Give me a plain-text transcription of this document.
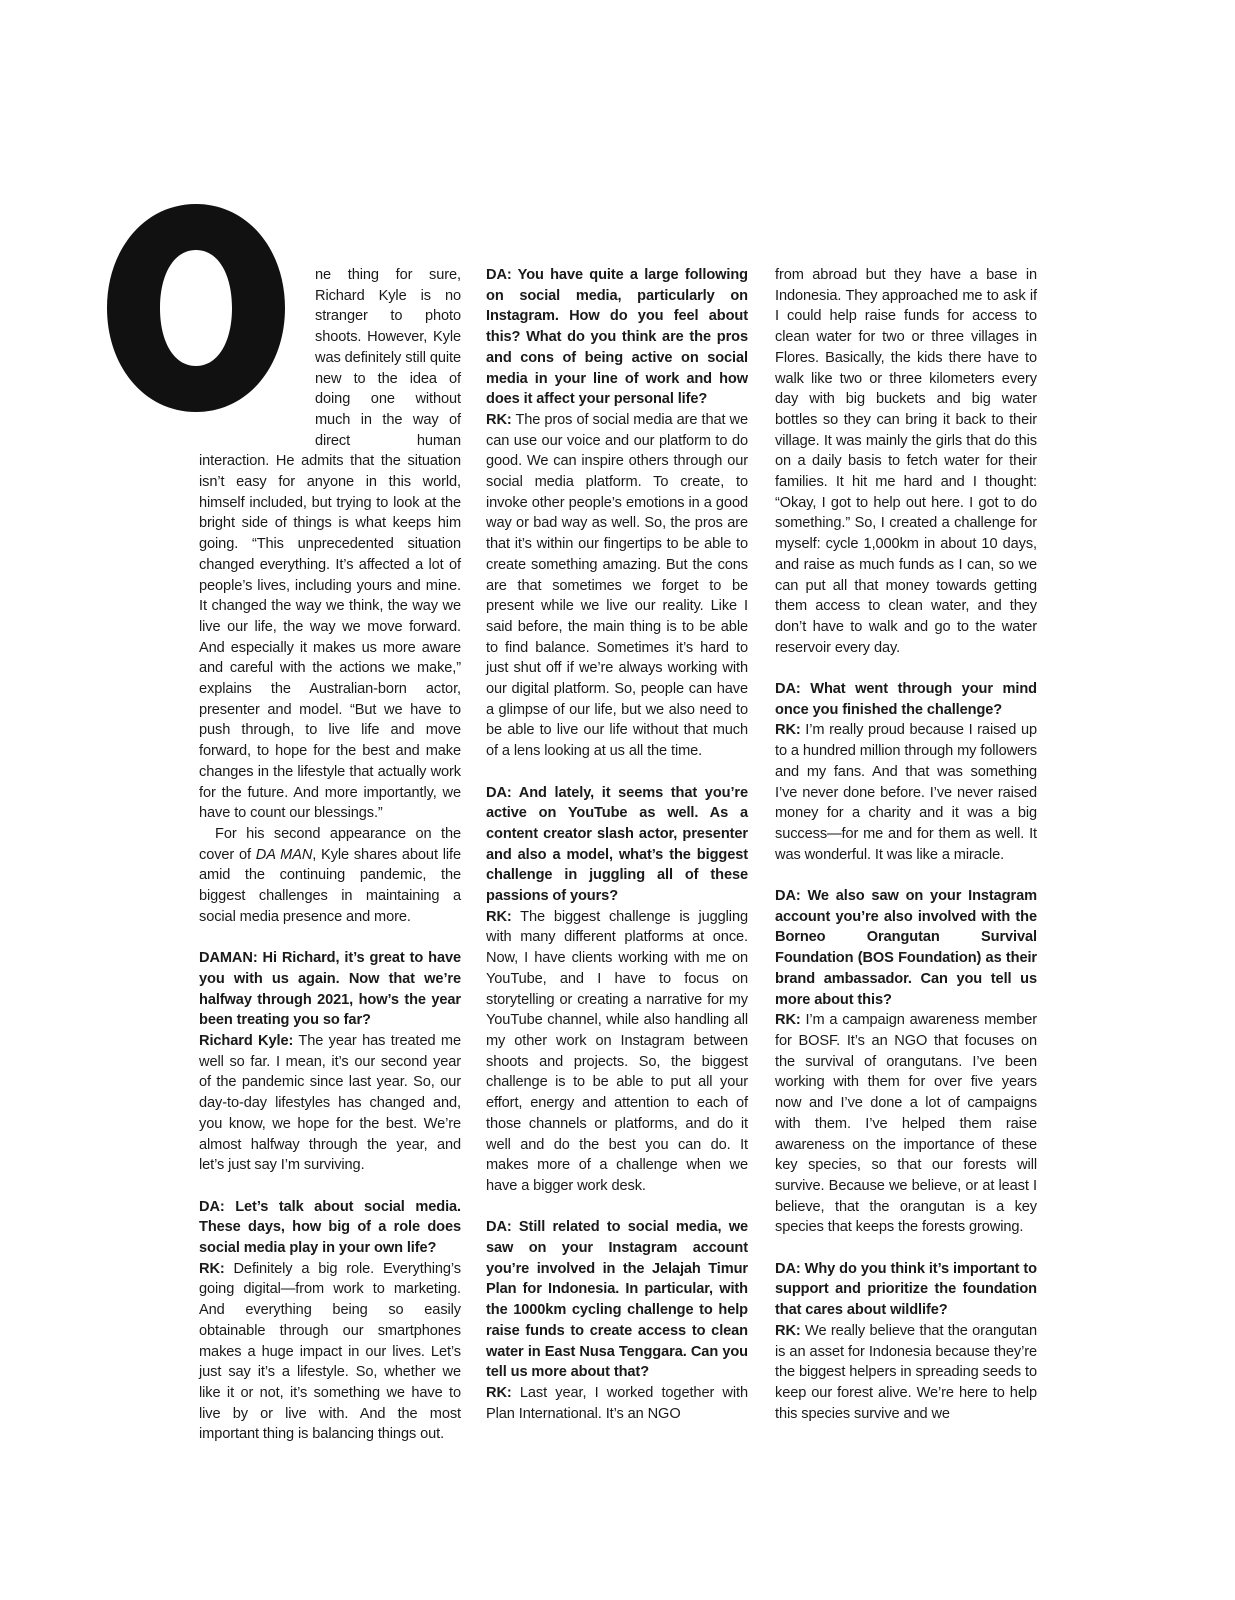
ne thing for sure, Richard Kyle is no stranger to photo shoots. However, Kyle was definitely still quite new to the idea of doing one without much in the way of direct human interaction. He admits that the situation isn’t easy for anyone in this world, himself included, but trying to look at the bright side of things is what keeps him going. “This unprecedented situation changed everything. It’s affected a lot of people’s lives, including yours and mine. It changed the way we think, the way we live our life, the way we move forward. And especially it makes us more aware and careful with the actions we make,” explains the Australian-born actor, presenter and model. “But we have to push through, to live life and move forward, to hope for the best and make changes in the lifestyle that actually work for the future. And more importantly, we have to count our blessings.”

For his second appearance on the cover of DA MAN, Kyle shares about life amid the continuing pandemic, the biggest challenges in maintaining a social media presence and more.

DAMAN: Hi Richard, it’s great to have you with us again. Now that we’re halfway through 2021, how’s the year been treating you so far?

Richard Kyle: The year has treated me well so far. I mean, it’s our second year of the pandemic since last year. So, our day-to-day lifestyles has changed and, you know, we hope for the best. We’re almost halfway through the year, and let’s just say I’m surviving.

DA: Let’s talk about social media. These days, how big of a role does social media play in your own life?

RK: Definitely a big role. Everything’s going digital—from work to marketing. And everything being so easily obtainable through our smartphones makes a huge impact in our lives. Let’s just say it’s a lifestyle. So, whether we like it or not, it’s something we have to live by or live with. And the most important thing is balancing things out.

DA: You have quite a large following on social media, particularly on Instagram. How do you feel about this? What do you think are the pros and cons of being active on social media in your line of work and how does it affect your personal life?

RK: The pros of social media are that we can use our voice and our platform to do good. We can inspire others through our social media platform. To create, to invoke other people’s emotions in a good way or bad way as well. So, the pros are that it’s within our fingertips to be able to create something amazing. But the cons are that sometimes we forget to be present while we live our reality. Like I said before, the main thing is to be able to find balance. Sometimes it’s hard to just shut off if we’re always working with our digital platform. So, people can have a glimpse of our life, but we also need to be able to live our life without that much of a lens looking at us all the time.

DA: And lately, it seems that you’re active on YouTube as well. As a content creator slash actor, presenter and also a model, what’s the biggest challenge in juggling all of these passions of yours?

RK: The biggest challenge is juggling with many different platforms at once. Now, I have clients working with me on YouTube, and I have to focus on storytelling or creating a narrative for my YouTube channel, while also handling all my other work on Instagram between shoots and projects. So, the biggest challenge is to be able to put all your effort, energy and attention to each of those channels or platforms, and do it well and do the best you can do. It makes more of a challenge when we have a bigger work desk.

DA: Still related to social media, we saw on your Instagram account you’re involved in the Jelajah Timur Plan for Indonesia. In particular, with the 1000km cycling challenge to help raise funds to create access to clean water in East Nusa Tenggara. Can you tell us more about that?

RK: Last year, I worked together with Plan International. It’s an NGO

from abroad but they have a base in Indonesia. They approached me to ask if I could help raise funds for access to clean water for two or three villages in Flores. Basically, the kids there have to walk like two or three kilometers every day with big buckets and big water bottles so they can bring it back to their village. It was mainly the girls that do this on a daily basis to fetch water for their families. It hit me hard and I thought: “Okay, I got to help out here. I got to do something.” So, I created a challenge for myself: cycle 1,000km in about 10 days, and raise as much funds as I can, so we can put all that money towards getting them access to clean water, and they don’t have to walk and go to the water reservoir every day.

DA: What went through your mind once you finished the challenge?

RK: I’m really proud because I raised up to a hundred million through my followers and my fans. And that was something I’ve never done before. I’ve never raised money for a charity and it was a big success—for me and for them as well. It was wonderful. It was like a miracle.

DA: We also saw on your Instagram account you’re also involved with the Borneo Orangutan Survival Foundation (BOS Foundation) as their brand ambassador. Can you tell us more about this?

RK: I’m a campaign awareness member for BOSF. It’s an NGO that focuses on the survival of orangutans. I’ve been working with them for over five years now and I’ve done a lot of campaigns with them. I’ve helped them raise awareness on the importance of these key species, so that our forests will survive. Because we believe, or at least I believe, that the orangutan is a key species that keeps the forests growing.

DA: Why do you think it’s important to support and prioritize the foundation that cares about wildlife?

RK: We really believe that the orangutan is an asset for Indonesia because they’re the biggest helpers in spreading seeds to keep our forest alive. We’re here to help this species survive and we
